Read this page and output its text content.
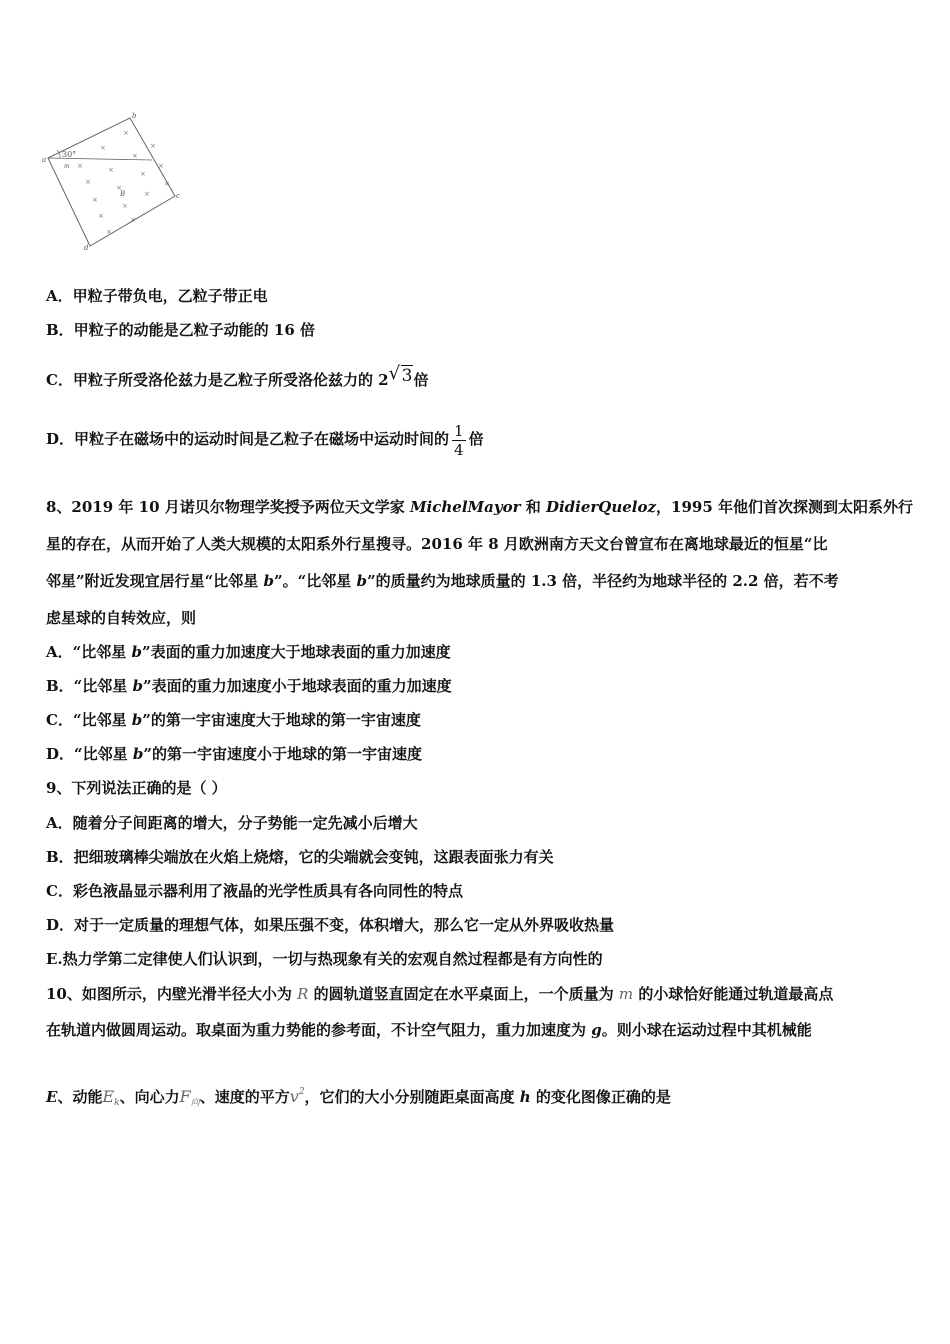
×
×
×
×
×
×
×
×
×
×
×
×
×
×
×
×
×
b
a
c
d
B
30°
m
A．甲粒子带负电，乙粒子带正电
B．甲粒子的动能是乙粒子动能的 16 倍
C．甲粒子所受洛伦兹力是乙粒子所受洛伦兹力的 2 √ 3倍
D．甲粒子在磁场中的运动时间是乙粒子在磁场中运动时间的 $\frac{1}{4}$ 倍
8、2019 年 10 月诺贝尔物理学奖授予两位天文学家 MichelMayor 和 DidierQueloz，1995 年他们首次探测到太阳系外行
星的存在，从而开始了人类大规模的太阳系外行星搜寻。2016 年 8 月欧洲南方天文台曾宣布在离地球最近的恒星“比
邻星”附近发现宜居行星“比邻星 b”。“比邻星 b”的质量约为地球质量的 1.3 倍，半径约为地球半径的 2.2 倍，若不考
虑星球的自转效应，则
A．“比邻星 b”表面的重力加速度大于地球表面的重力加速度
B．“比邻星 b”表面的重力加速度小于地球表面的重力加速度
C．“比邻星 b”的第一宇宙速度大于地球的第一宇宙速度
D．“比邻星 b”的第一宇宙速度小于地球的第一宇宙速度
9、下列说法正确的是（ ）
A．随着分子间距离的增大，分子势能一定先减小后增大
B．把细玻璃棒尖端放在火焰上烧熔，它的尖端就会变钝，这跟表面张力有关
C．彩色液晶显示器利用了液晶的光学性质具有各向同性的特点
D．对于一定质量的理想气体，如果压强不变，体积增大，那么它一定从外界吸收热量
E.热力学第二定律使人们认识到，一切与热现象有关的宏观自然过程都是有方向性的
10、如图所示，内壁光滑半径大小为 R 的圆轨道竖直固定在水平桌面上，一个质量为 m 的小球恰好能通过轨道最高点
在轨道内做圆周运动。取桌面为重力势能的参考面，不计空气阻力，重力加速度为 g。则小球在运动过程中其机械能
E、动能$E_k$、向心力$F_向$、速度的平方$v^2$，它们的大小分别随距桌面高度 h 的变化图像正确的是
